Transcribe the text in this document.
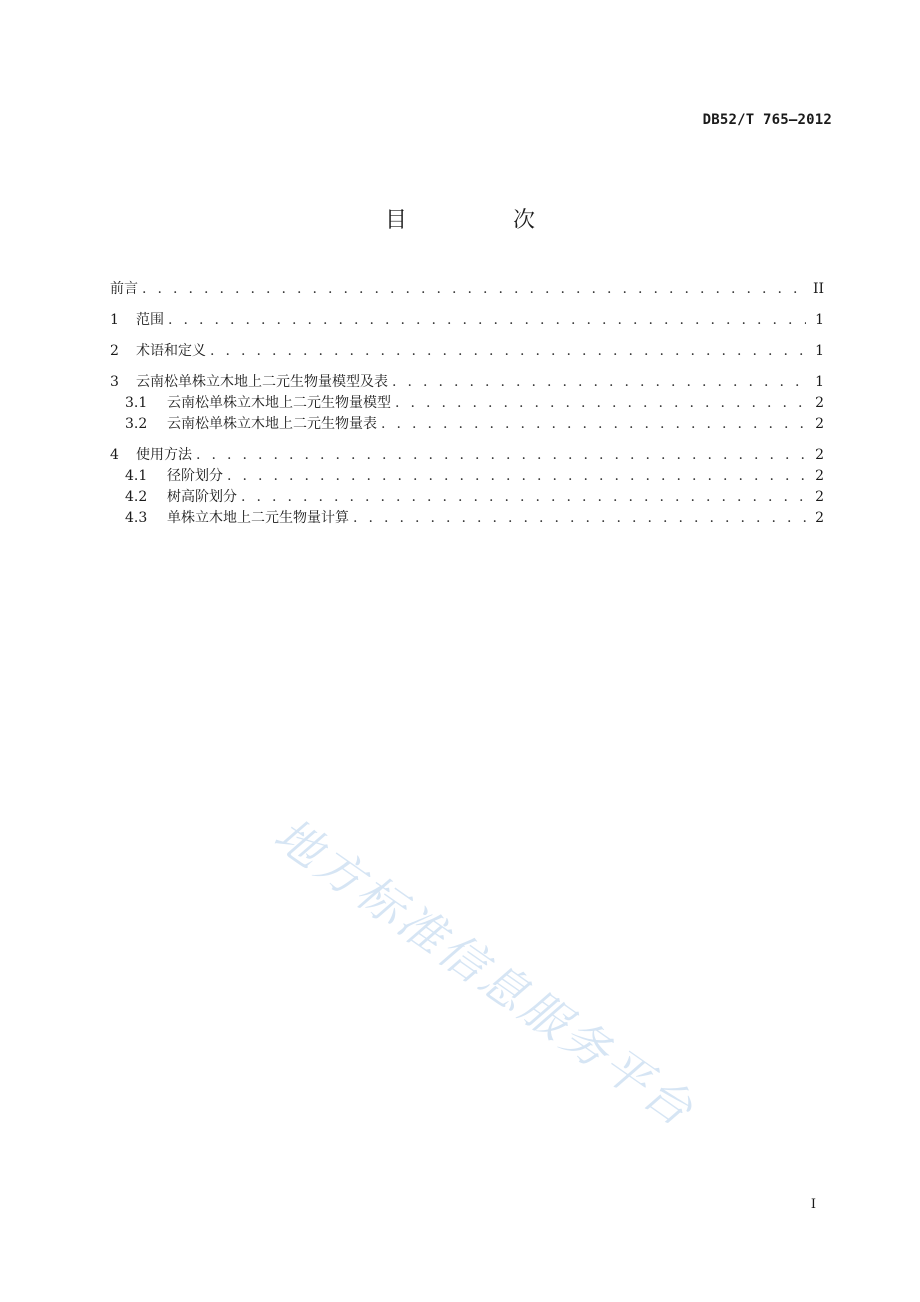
DB52/T 765—2012
目　次
前言 . . .	II
1 范围 . . .	1
2 术语和定义 . . .	1
3 云南松单株立木地上二元生物量模型及表 . . .	1
3.1	云南松单株立木地上二元生物量模型 . . .	2
3.2	云南松单株立木地上二元生物量表 . . .	2
4 使用方法 . . .	2
4.1	径阶划分 . . .	2
4.2	树高阶划分 . . .	2
4.3	单株立木地上二元生物量计算 . . .	2
地方标准信息服务平台
I
